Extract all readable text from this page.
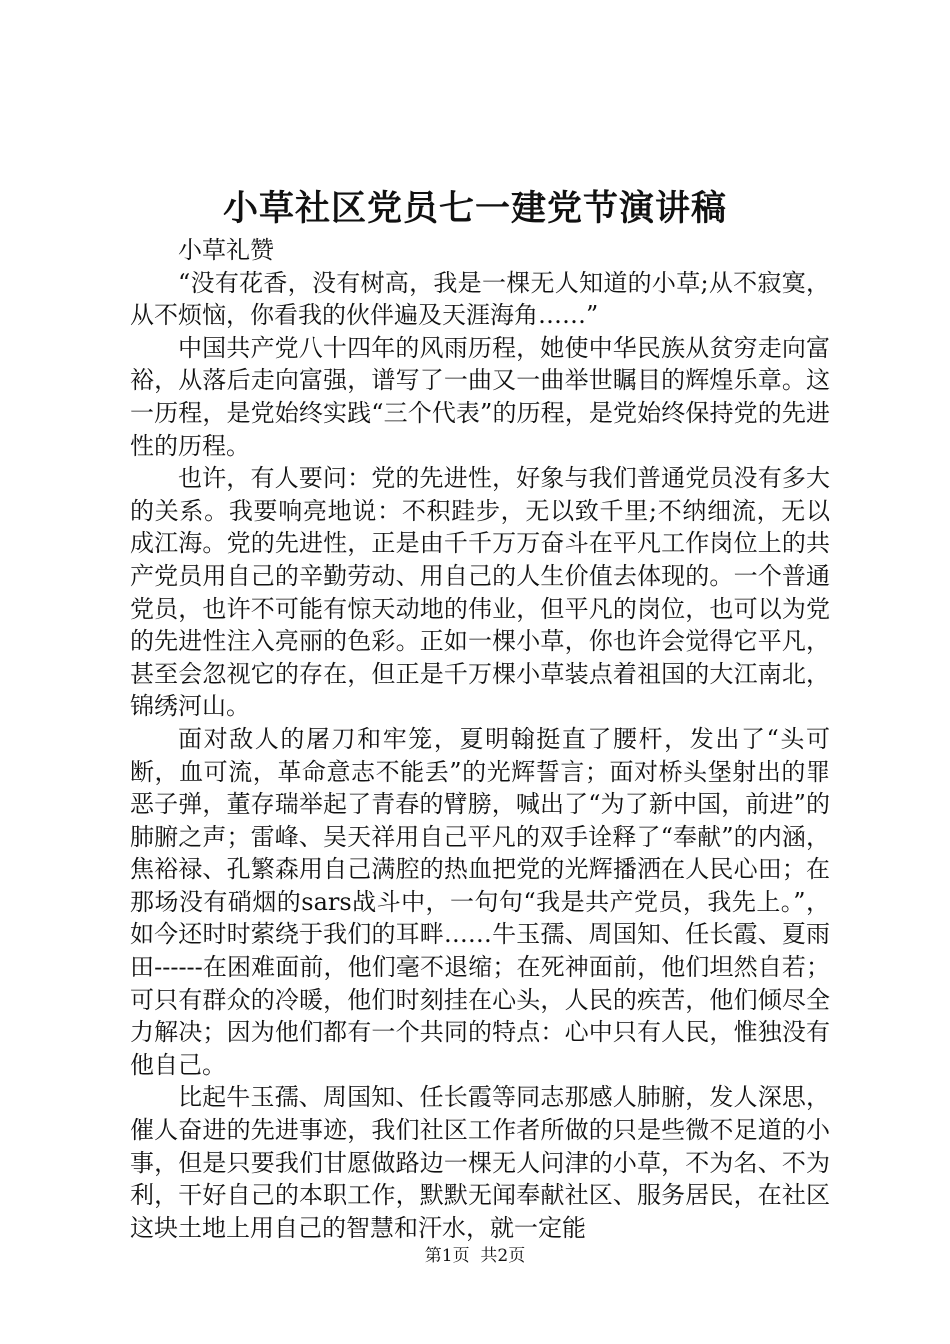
小草社区党员七一建党节演讲稿

小草礼赞

“没有花香，没有树高，我是一棵无人知道的小草;从不寂寞，从不烦恼，你看我的伙伴遍及天涯海角……”

中国共产党八十四年的风雨历程，她使中华民族从贫穷走向富裕，从落后走向富强，谱写了一曲又一曲举世瞩目的辉煌乐章。这一历程，是党始终实践“三个代表”的历程，是党始终保持党的先进性的历程。

也许，有人要问：党的先进性，好象与我们普通党员没有多大的关系。我要响亮地说：不积跬步，无以致千里;不纳细流，无以成江海。党的先进性，正是由千千万万奋斗在平凡工作岗位上的共产党员用自己的辛勤劳动、用自己的人生价值去体现的。一个普通党员，也许不可能有惊天动地的伟业，但平凡的岗位，也可以为党的先进性注入亮丽的色彩。正如一棵小草，你也许会觉得它平凡，甚至会忽视它的存在，但正是千万棵小草装点着祖国的大江南北，锦绣河山。

面对敌人的屠刀和牢笼，夏明翰挺直了腰杆，发出了“头可断，血可流，革命意志不能丢”的光辉誓言；面对桥头堡射出的罪恶子弹，董存瑞举起了青春的臂膀，喊出了“为了新中国，前进”的肺腑之声；雷峰、吴天祥用自己平凡的双手诠释了“奉献”的内涵，焦裕禄、孔繁森用自己满腔的热血把党的光辉播洒在人民心田；在那场没有硝烟的sars战斗中，一句句“我是共产党员，我先上。”，如今还时时萦绕于我们的耳畔……牛玉孺、周国知、任长霞、夏雨田------在困难面前，他们毫不退缩；在死神面前，他们坦然自若；可只有群众的冷暖，他们时刻挂在心头，人民的疾苦，他们倾尽全力解决；因为他们都有一个共同的特点：心中只有人民，惟独没有他自己。

比起牛玉孺、周国知、任长霞等同志那感人肺腑，发人深思，催人奋进的先进事迹，我们社区工作者所做的只是些微不足道的小事，但是只要我们甘愿做路边一棵无人问津的小草，不为名、不为利，干好自己的本职工作，默默无闻奉献社区、服务居民，在社区这块土地上用自己的智慧和汗水，就一定能

第1页 共2页
